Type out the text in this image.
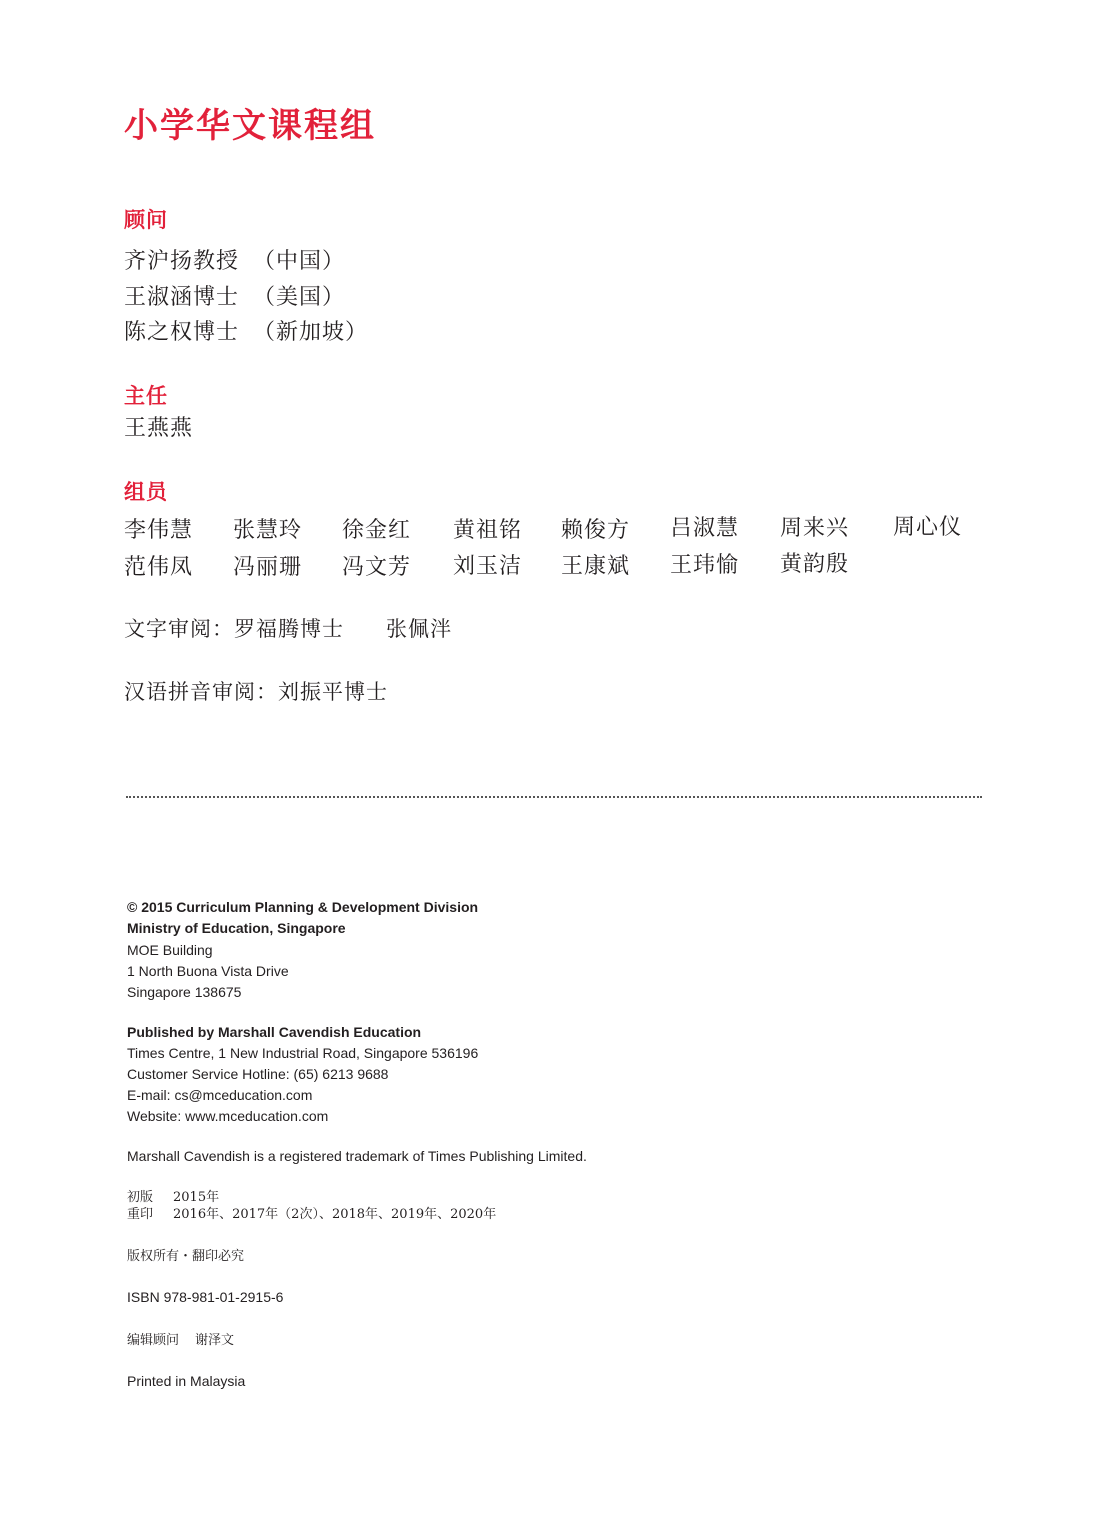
小学华文课程组
顾问
齐沪扬教授 （中国）
王淑涵博士 （美国）
陈之权博士 （新加坡）
主任
王燕燕
组员
李伟慧 张慧玲 徐金红 黄祖铭 赖俊方 吕淑慧 周来兴 周心仪
范伟凤 冯丽珊 冯文芳 刘玉洁 王康斌 王玮愉 黄韵殷
文字审阅：罗福腾博士 张佩泮
汉语拼音审阅：刘振平博士
© 2015 Curriculum Planning & Development Division
Ministry of Education, Singapore
MOE Building
1 North Buona Vista Drive
Singapore 138675
Published by Marshall Cavendish Education
Times Centre, 1 New Industrial Road, Singapore 536196
Customer Service Hotline: (65) 6213 9688
E-mail: cs@mceducation.com
Website: www.mceducation.com
Marshall Cavendish is a registered trademark of Times Publishing Limited.
初版 2015年
重印 2016年、2017年（2次）、2018年、2019年、2020年
版权所有・翻印必究
ISBN 978-981-01-2915-6
编辑顾问 谢泽文
Printed in Malaysia
